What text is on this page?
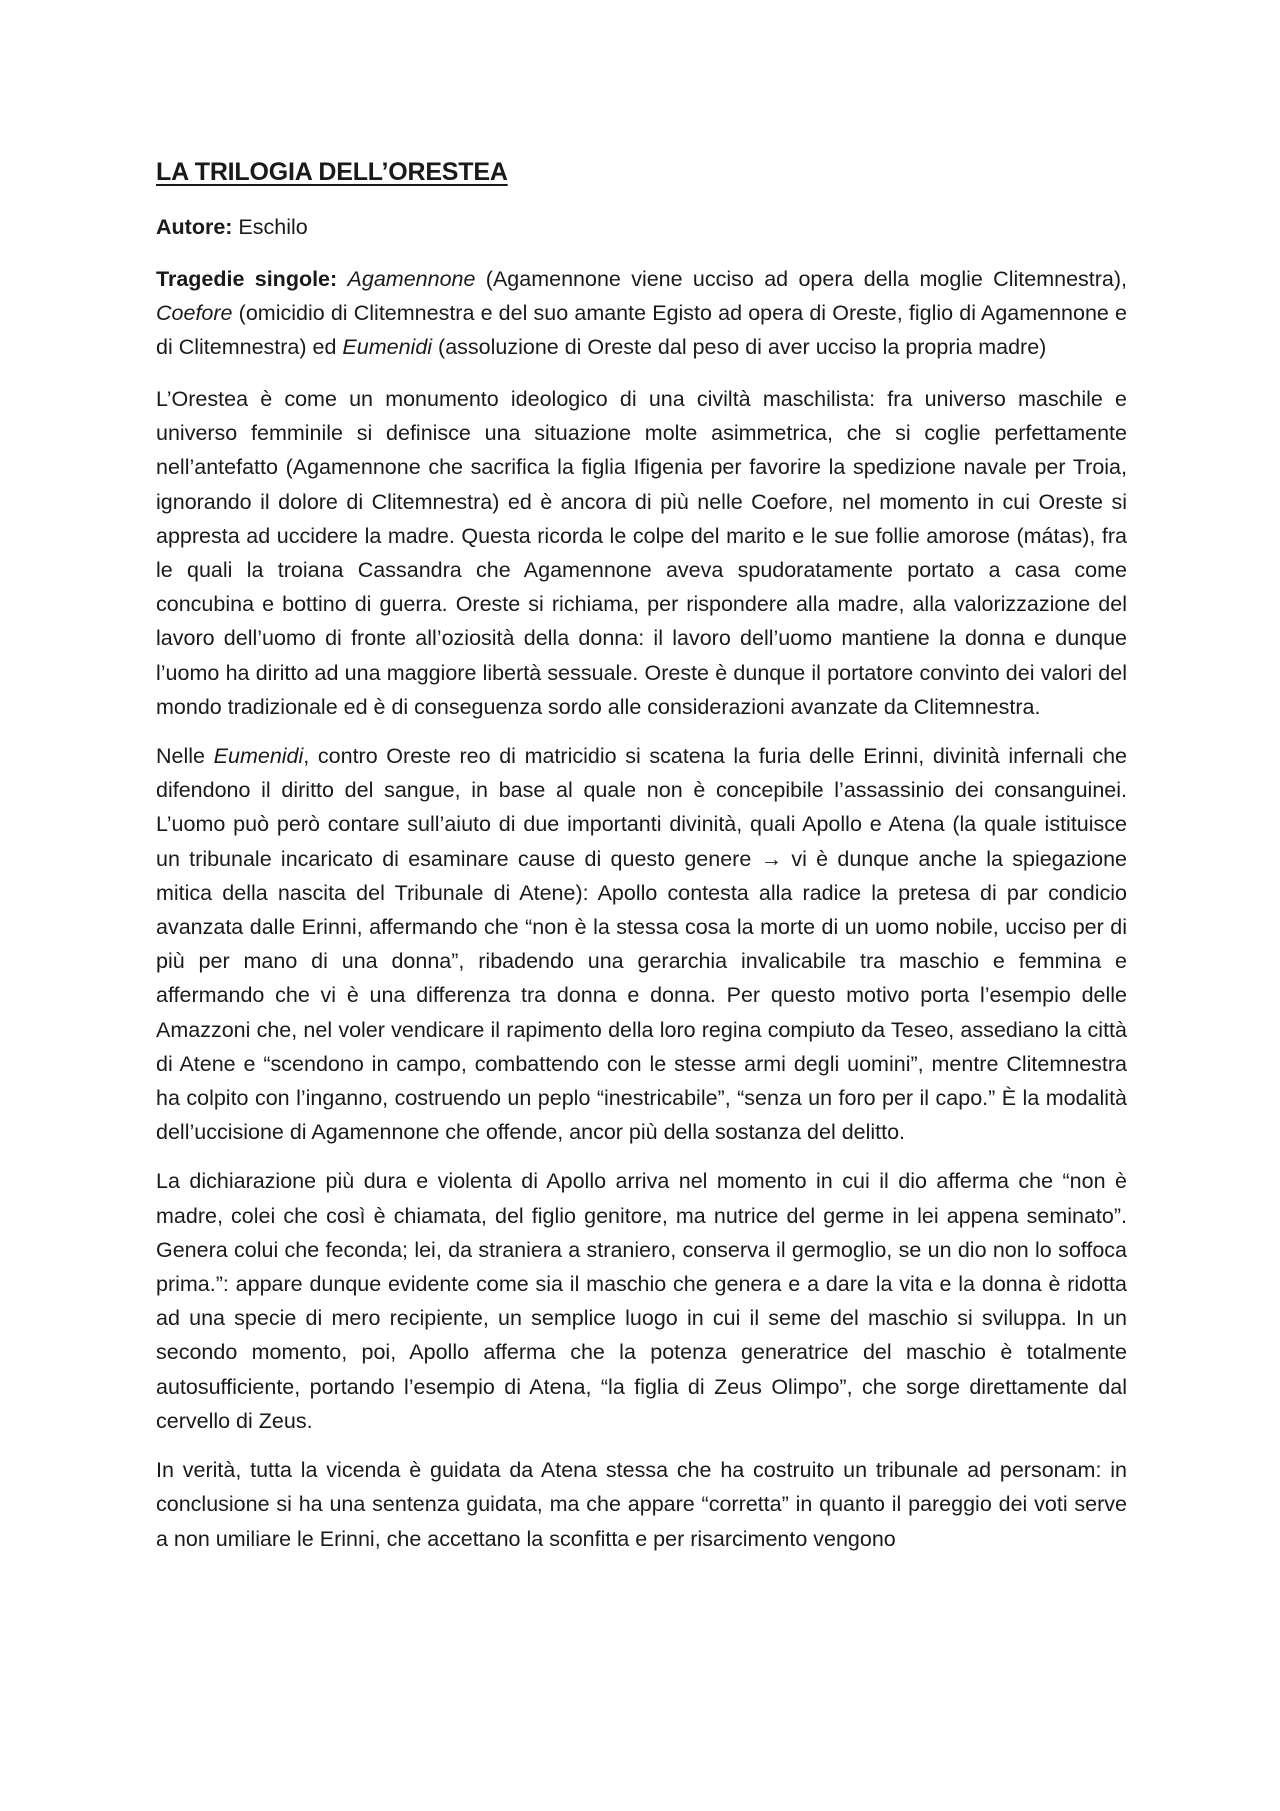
LA TRILOGIA DELL’ORESTEA

Autore: Eschilo

Tragedie singole: Agamennone (Agamennone viene ucciso ad opera della moglie Clitemnestra), Coefore (omicidio di Clitemnestra e del suo amante Egisto ad opera di Oreste, figlio di Agamennone e di Clitemnestra) ed Eumenidi (assoluzione di Oreste dal peso di aver ucciso la propria madre)

L’Orestea è come un monumento ideologico di una civiltà maschilista: fra universo maschile e universo femminile si definisce una situazione molte asimmetrica, che si coglie perfettamente nell’antefatto (Agamennone che sacrifica la figlia Ifigenia per favorire la spedizione navale per Troia, ignorando il dolore di Clitemnestra) ed è ancora di più nelle Coefore, nel momento in cui Oreste si appresta ad uccidere la madre. Questa ricorda le colpe del marito e le sue follie amorose (mátas), fra le quali la troiana Cassandra che Agamennone aveva spudoratamente portato a casa come concubina e bottino di guerra. Oreste si richiama, per rispondere alla madre, alla valorizzazione del lavoro dell’uomo di fronte all’oziosità della donna: il lavoro dell’uomo mantiene la donna e dunque l’uomo ha diritto ad una maggiore libertà sessuale. Oreste è dunque il portatore convinto dei valori del mondo tradizionale ed è di conseguenza sordo alle considerazioni avanzate da Clitemnestra.

Nelle Eumenidi, contro Oreste reo di matricidio si scatena la furia delle Erinni, divinità infernali che difendono il diritto del sangue, in base al quale non è concepibile l’assassinio dei consanguinei. L’uomo può però contare sull’aiuto di due importanti divinità, quali Apollo e Atena (la quale istituisce un tribunale incaricato di esaminare cause di questo genere → vi è dunque anche la spiegazione mitica della nascita del Tribunale di Atene): Apollo contesta alla radice la pretesa di par condicio avanzata dalle Erinni, affermando che “non è la stessa cosa la morte di un uomo nobile, ucciso per di più per mano di una donna”, ribadendo una gerarchia invalicabile tra maschio e femmina e affermando che vi è una differenza tra donna e donna. Per questo motivo porta l’esempio delle Amazzoni che, nel voler vendicare il rapimento della loro regina compiuto da Teseo, assediano la città di Atene e “scendono in campo, combattendo con le stesse armi degli uomini”, mentre Clitemnestra ha colpito con l’inganno, costruendo un peplo “inestricabile”, “senza un foro per il capo.” È la modalità dell’uccisione di Agamennone che offende, ancor più della sostanza del delitto.

La dichiarazione più dura e violenta di Apollo arriva nel momento in cui il dio afferma che “non è madre, colei che così è chiamata, del figlio genitore, ma nutrice del germe in lei appena seminato”. Genera colui che feconda; lei, da straniera a straniero, conserva il germoglio, se un dio non lo soffoca prima.”: appare dunque evidente come sia il maschio che genera e a dare la vita e la donna è ridotta ad una specie di mero recipiente, un semplice luogo in cui il seme del maschio si sviluppa. In un secondo momento, poi, Apollo afferma che la potenza generatrice del maschio è totalmente autosufficiente, portando l’esempio di Atena, “la figlia di Zeus Olimpo”, che sorge direttamente dal cervello di Zeus.

In verità, tutta la vicenda è guidata da Atena stessa che ha costruito un tribunale ad personam: in conclusione si ha una sentenza guidata, ma che appare “corretta” in quanto il pareggio dei voti serve a non umiliare le Erinni, che accettano la sconfitta e per risarcimento vengono
